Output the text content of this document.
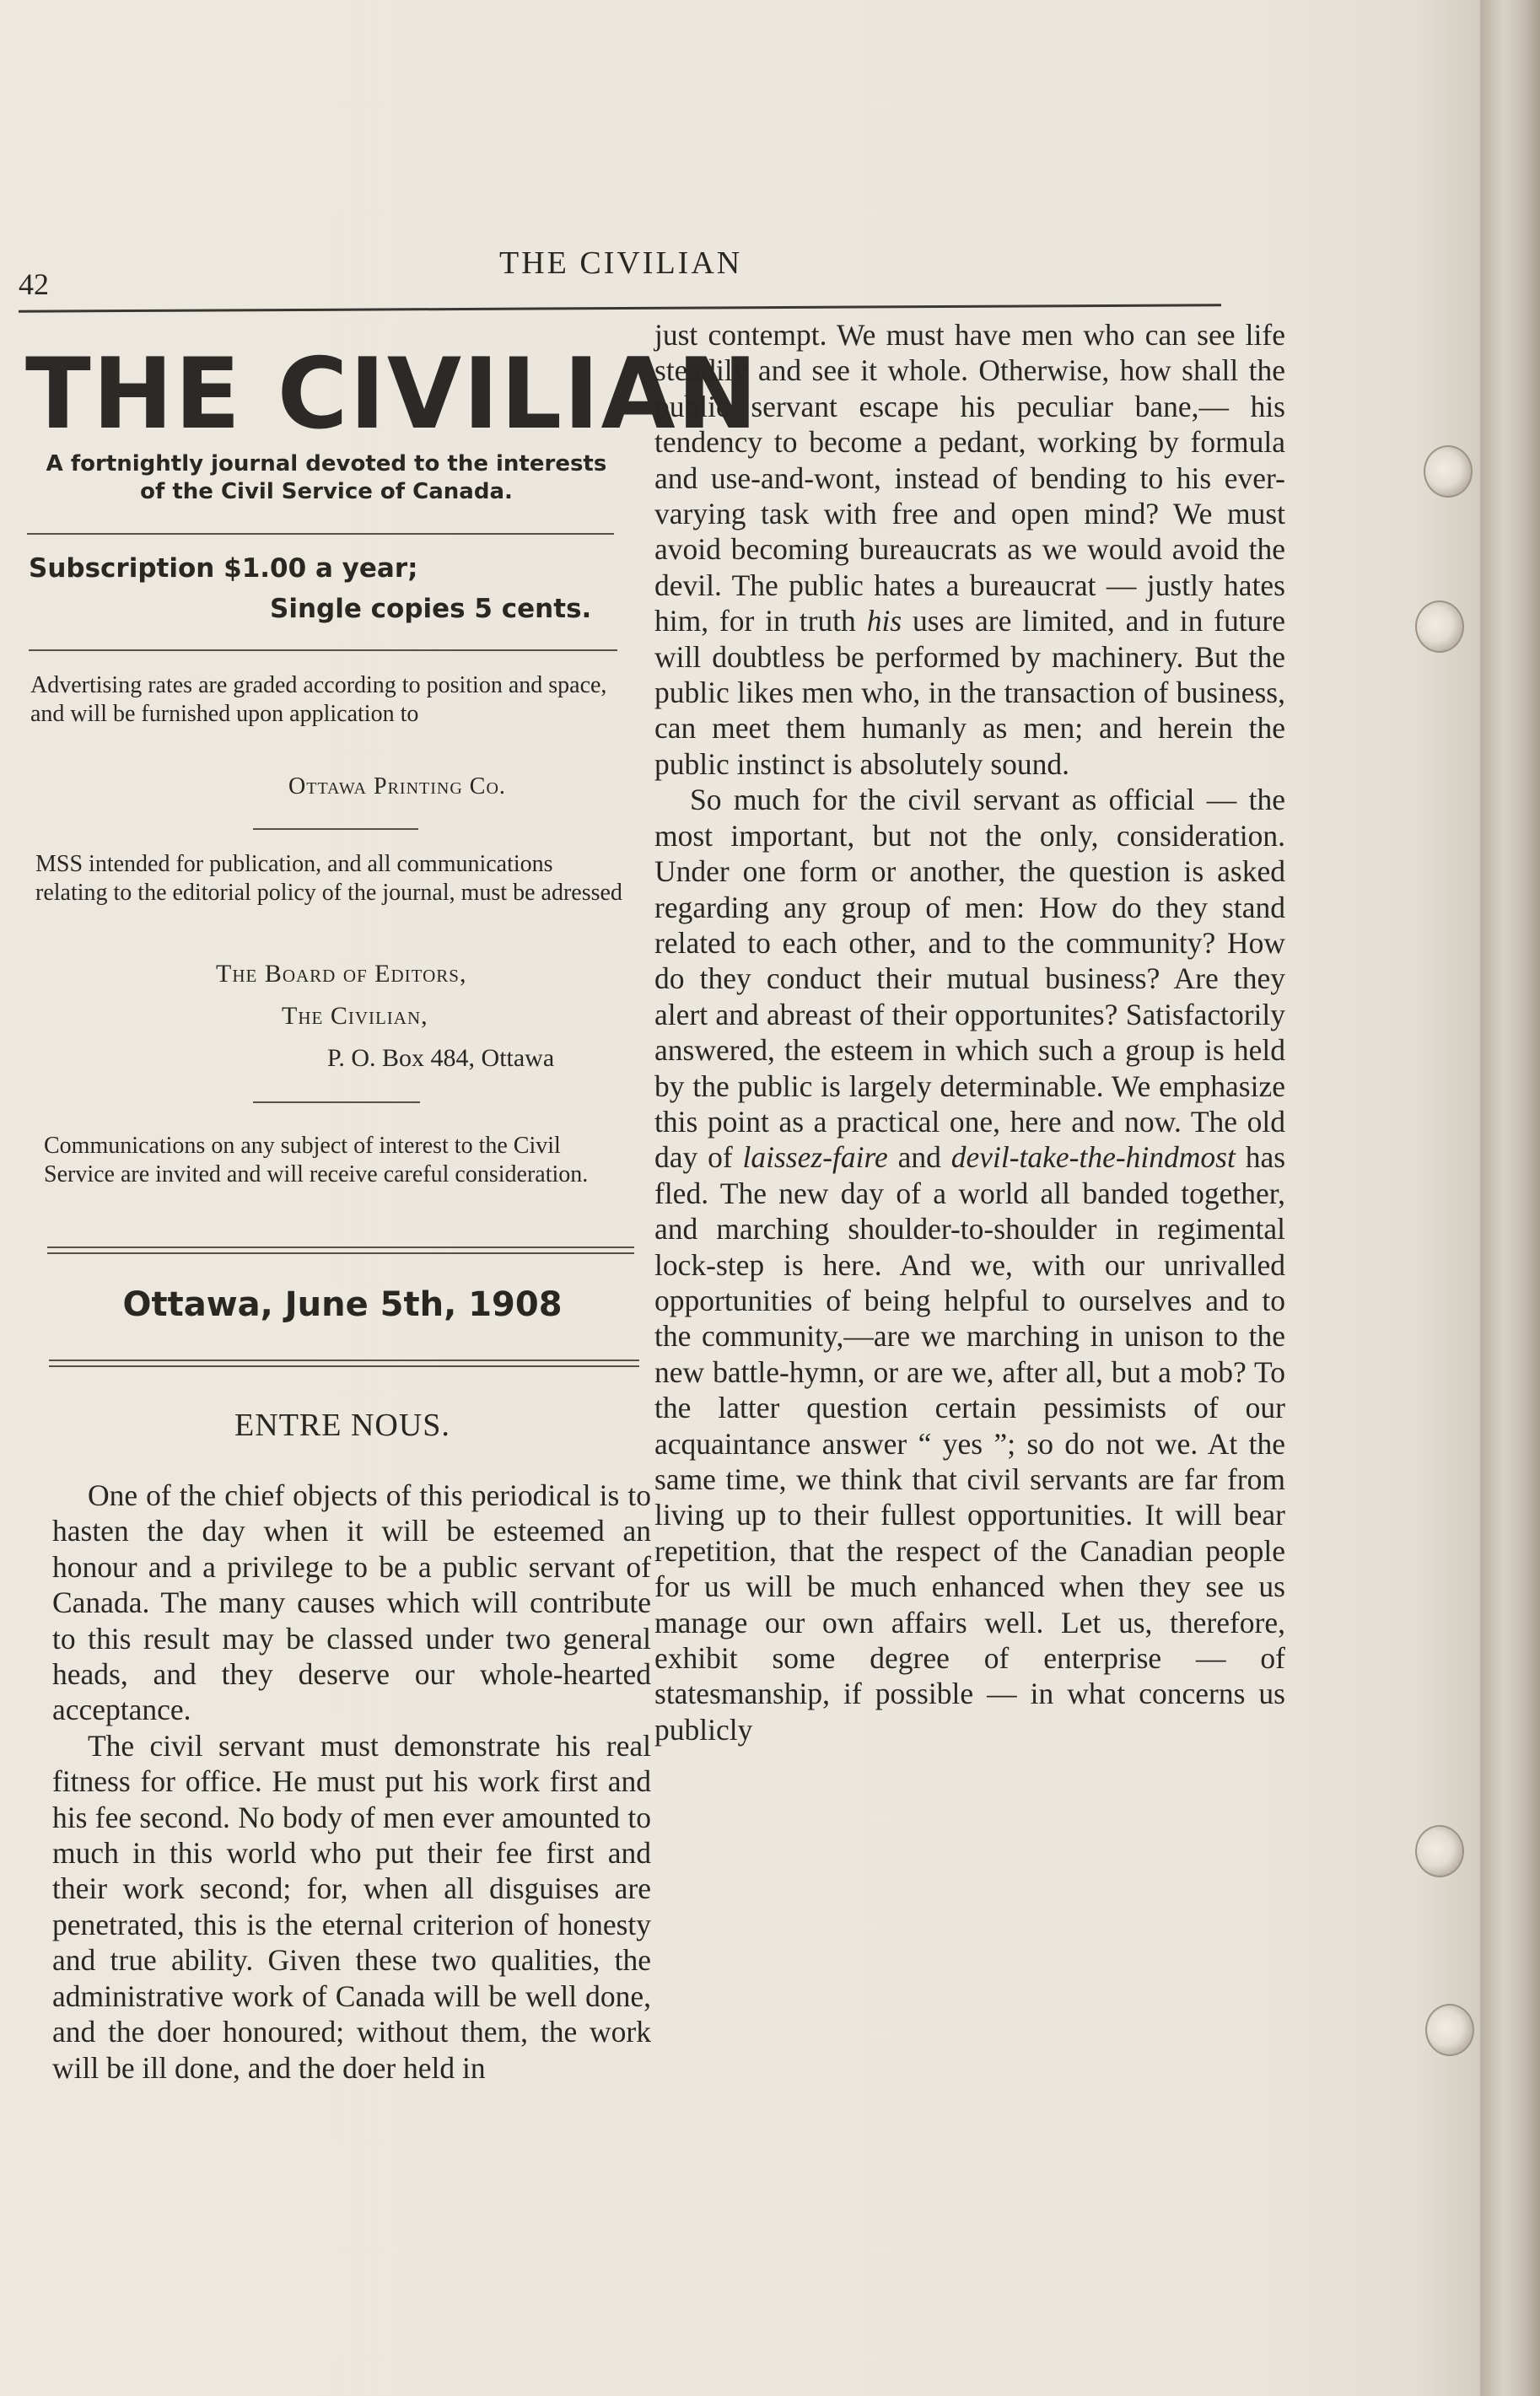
42
THE CIVILIAN
THE CIVILIAN
A fortnightly journal devoted to the interests of the Civil Service of Canada.
Subscription $1.00 a year;
Single copies 5 cents.
Advertising rates are graded according to position and space, and will be furnished upon application to
Ottawa Printing Co.
MSS intended for publication, and all communications relating to the editorial policy of the journal, must be adressed
The Board of Editors,
The Civilian,
P. O. Box 484, Ottawa
Communications on any subject of interest to the Civil Service are invited and will receive careful consideration.
Ottawa, June 5th, 1908
ENTRE NOUS.

One of the chief objects of this periodical is to hasten the day when it will be esteemed an honour and a privilege to be a public servant of Canada. The many causes which will contribute to this result may be classed under two general heads, and they deserve our whole-hearted acceptance.

The civil servant must demonstrate his real fitness for office. He must put his work first and his fee second. No body of men ever amounted to much in this world who put their fee first and their work second; for, when all disguises are penetrated, this is the eternal criterion of honesty and true ability. Given these two qualities, the administrative work of Canada will be well done, and the doer honoured; without them, the work will be ill done, and the doer held in

just contempt. We must have men who can see life steadily and see it whole. Otherwise, how shall the public servant escape his peculiar bane,— his tendency to become a pedant, working by formula and use-and-wont, instead of bending to his ever-varying task with free and open mind? We must avoid becoming bureaucrats as we would avoid the devil. The public hates a bureaucrat — justly hates him, for in truth his uses are limited, and in future will doubtless be performed by machinery. But the public likes men who, in the transaction of business, can meet them humanly as men; and herein the public instinct is absolutely sound.

So much for the civil servant as official — the most important, but not the only, consideration. Under one form or another, the question is asked regarding any group of men: How do they stand related to each other, and to the community? How do they conduct their mutual business? Are they alert and abreast of their opportunites? Satisfactorily answered, the esteem in which such a group is held by the public is largely determinable. We emphasize this point as a practical one, here and now. The old day of laissez-faire and devil-take-the-hindmost has fled. The new day of a world all banded together, and marching shoulder-to-shoulder in regimental lock-step is here. And we, with our unrivalled opportunities of being helpful to ourselves and to the community,—are we marching in unison to the new battle-hymn, or are we, after all, but a mob? To the latter question certain pessimists of our acquaintance answer “ yes ”; so do not we. At the same time, we think that civil servants are far from living up to their fullest opportunities. It will bear repetition, that the respect of the Canadian people for us will be much enhanced when they see us manage our own affairs well. Let us, therefore, exhibit some degree of enterprise — of statesmanship, if possible — in what concerns us publicly
